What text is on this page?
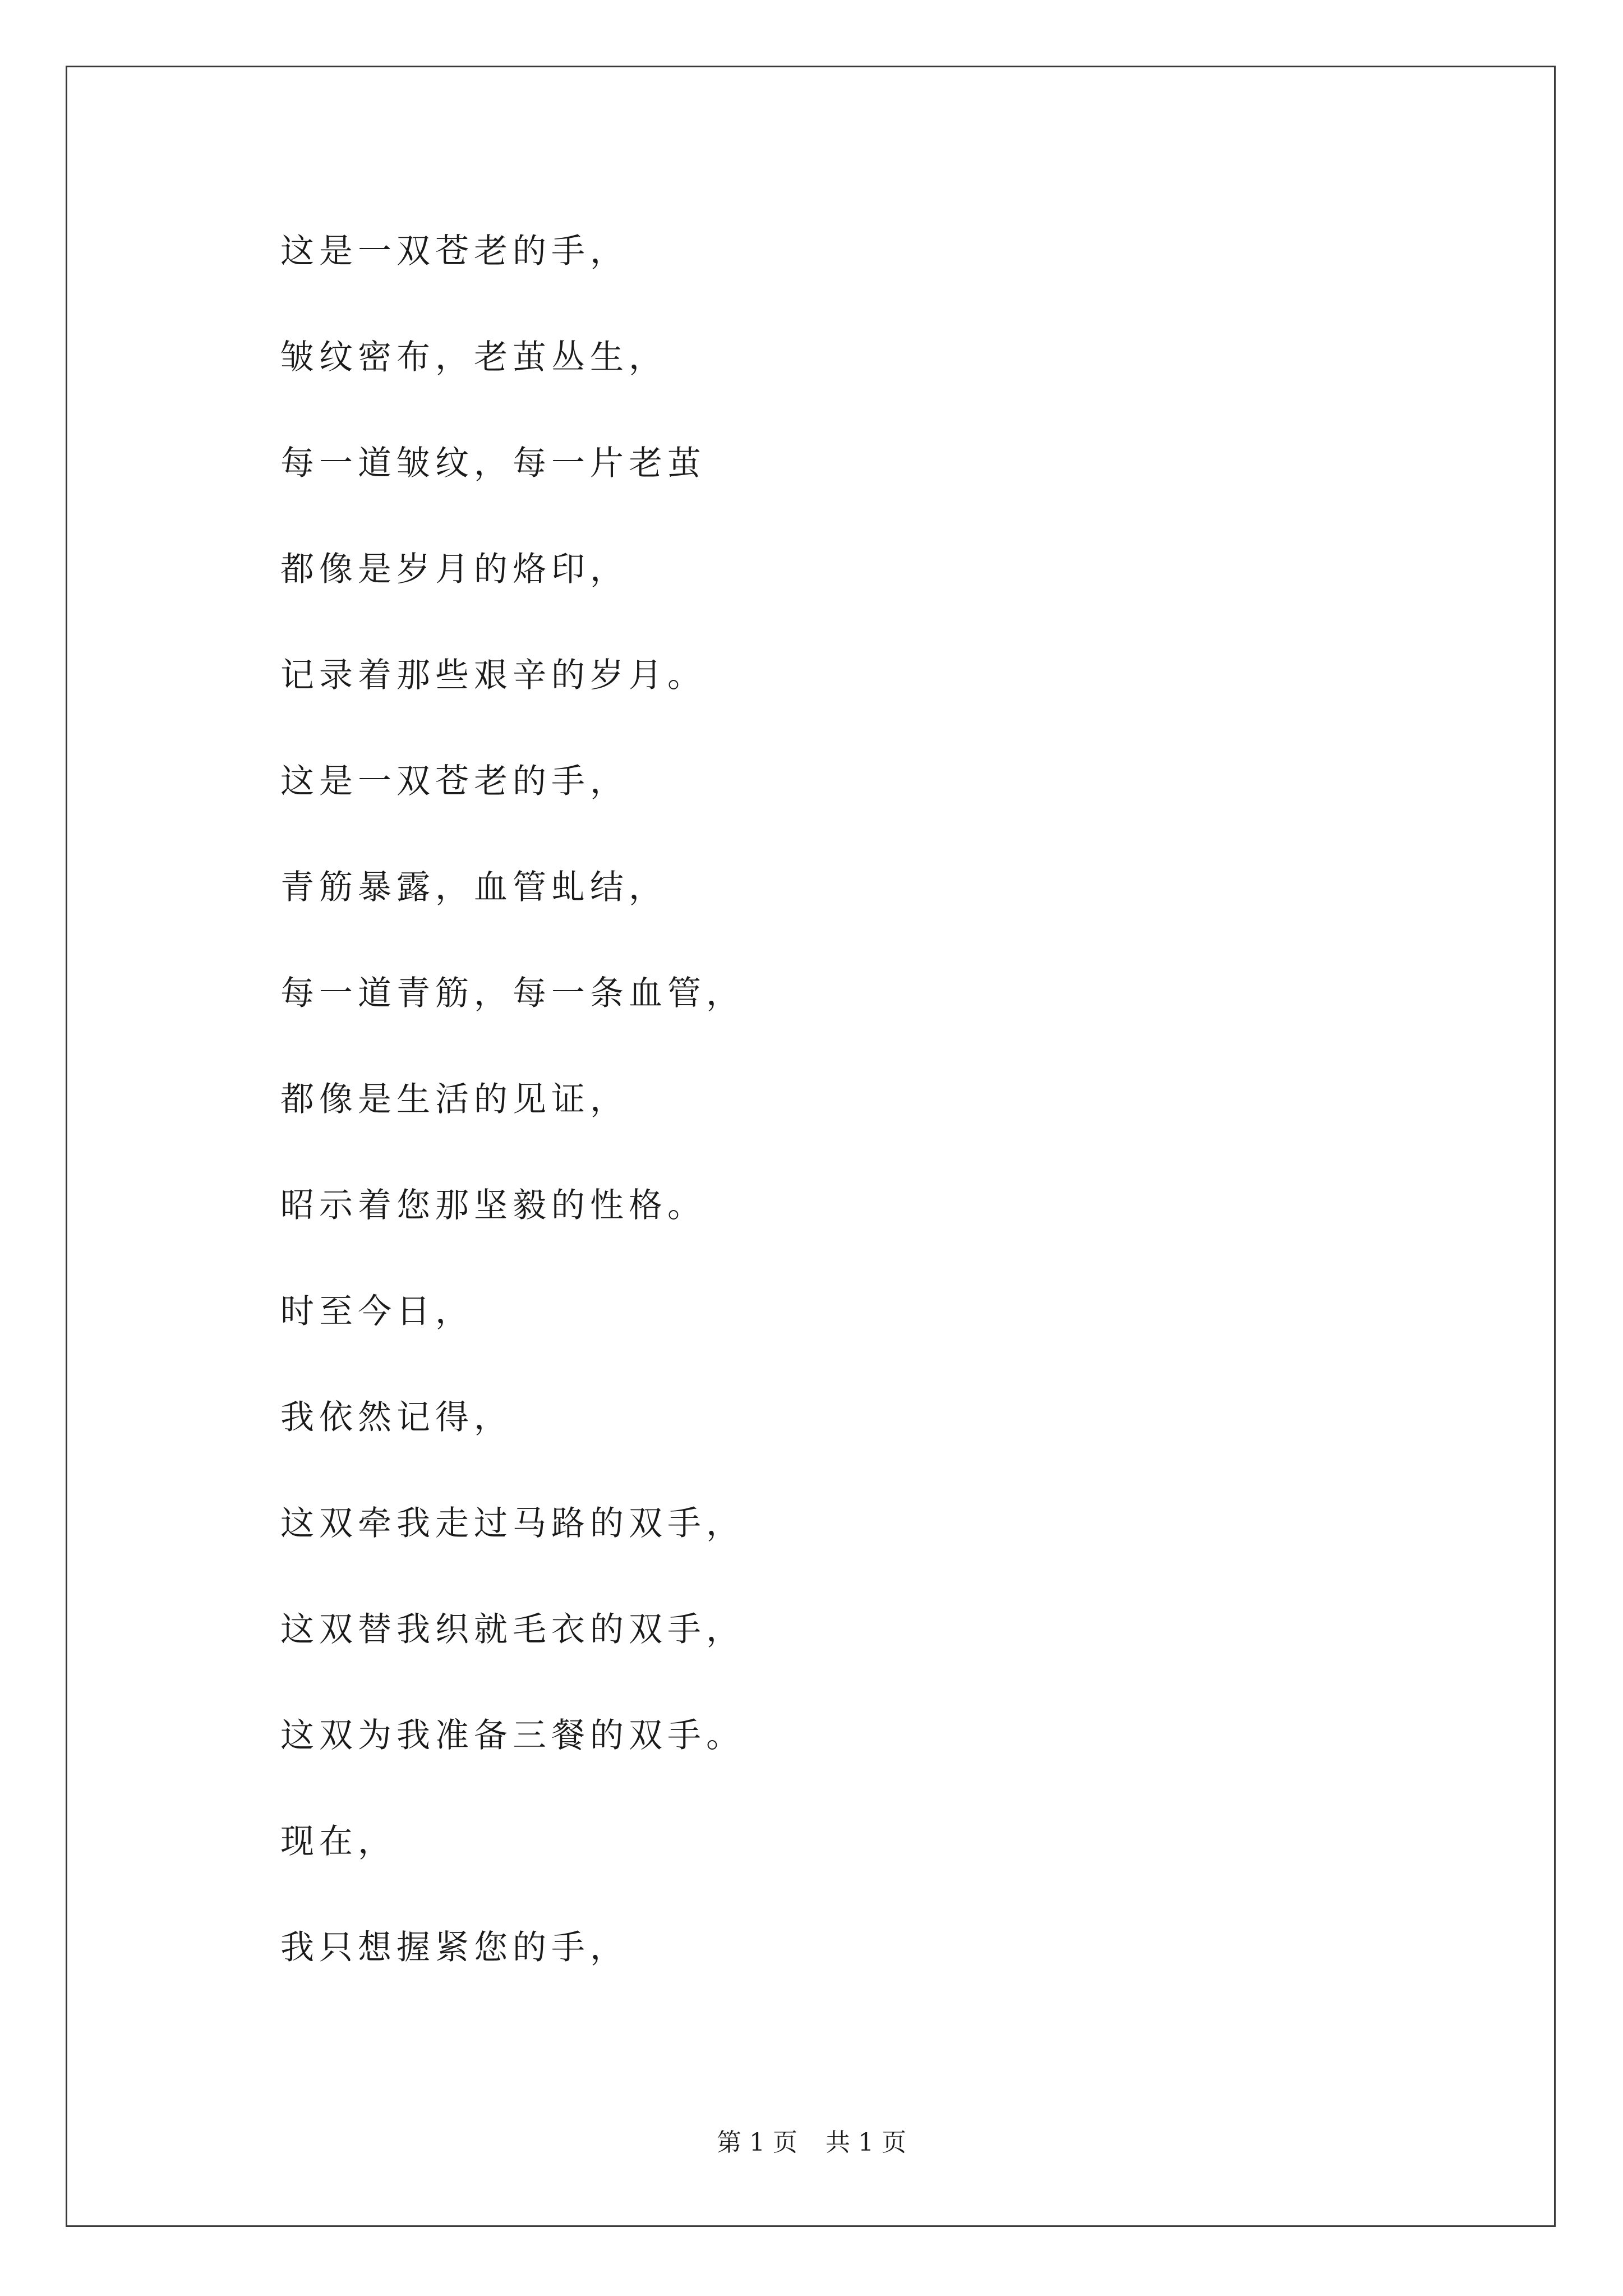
这是一双苍老的手，
皱纹密布，老茧丛生，
每一道皱纹，每一片老茧
都像是岁月的烙印，
记录着那些艰辛的岁月。
这是一双苍老的手，
青筋暴露，血管虬结，
每一道青筋，每一条血管，
都像是生活的见证，
昭示着您那坚毅的性格。
时至今日，
我依然记得，
这双牵我走过马路的双手，
这双替我织就毛衣的双手，
这双为我准备三餐的双手。
现在，
我只想握紧您的手，
第 1 页 共 1 页
